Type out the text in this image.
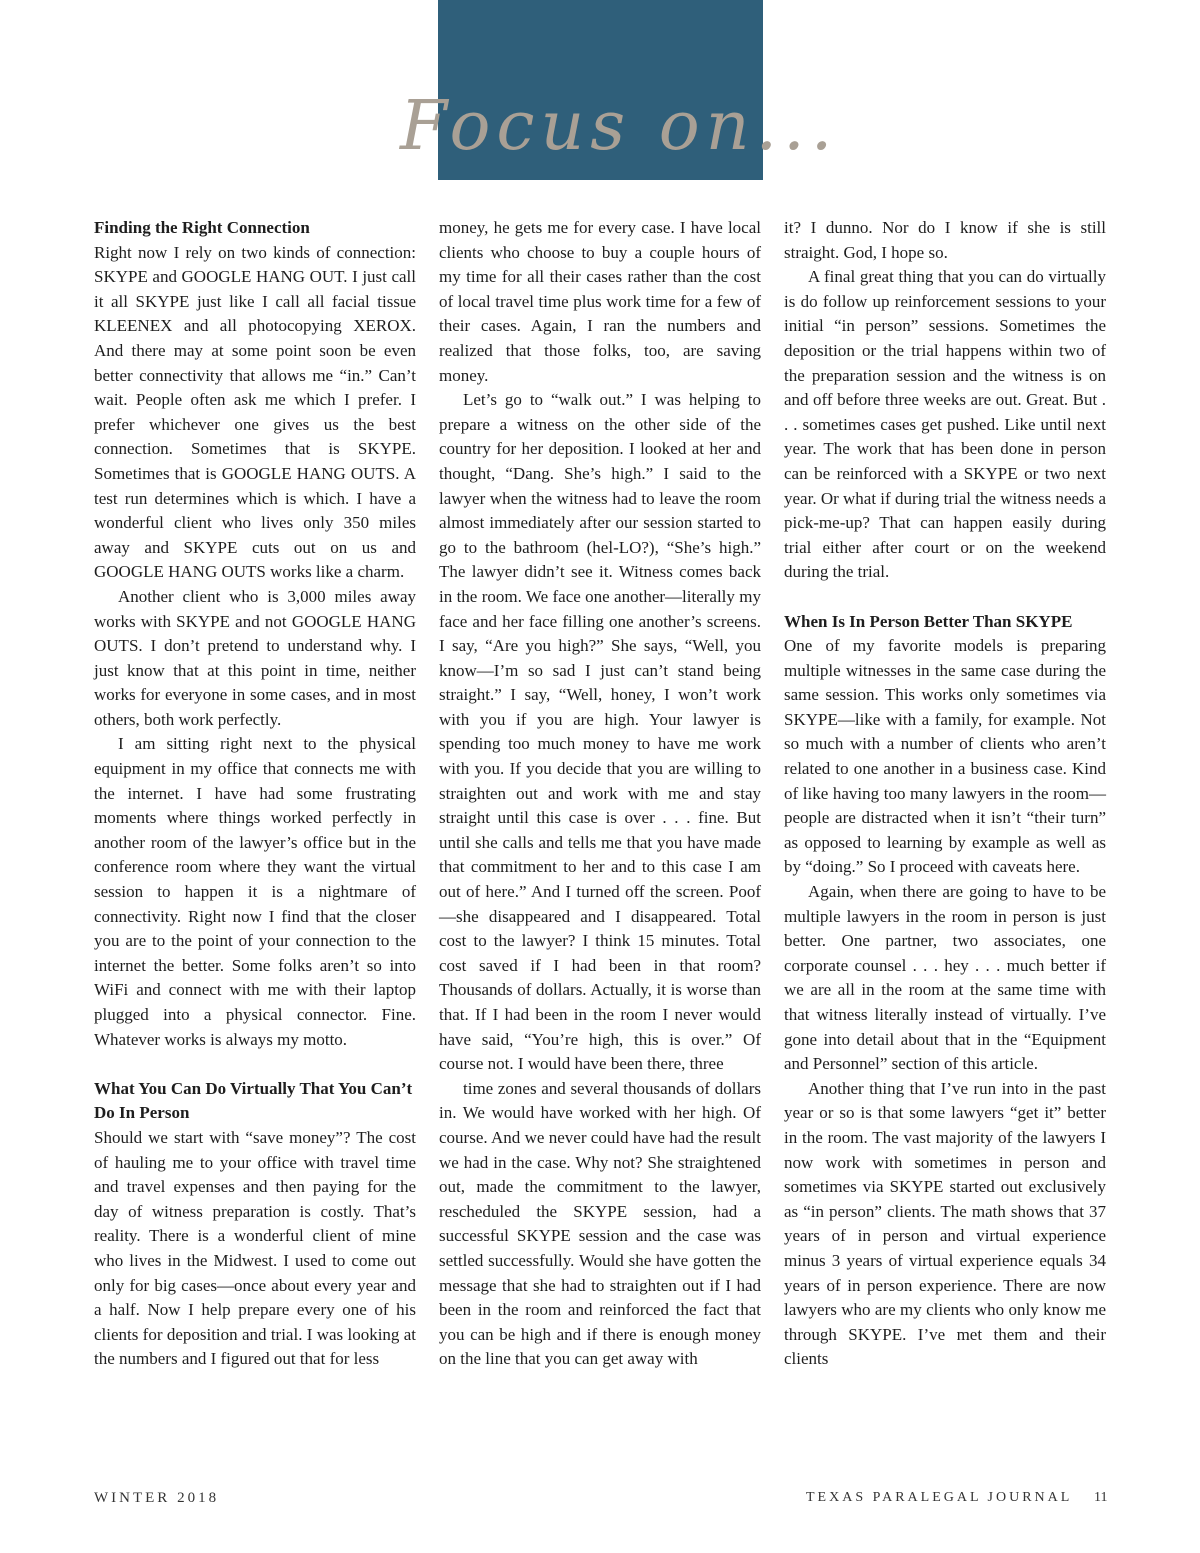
Focus on...

Finding the Right Connection

Right now I rely on two kinds of connection: SKYPE and GOOGLE HANG OUT. I just call it all SKYPE just like I call all facial tissue KLEENEX and all photocopying XEROX. And there may at some point soon be even better connectivity that allows me “in.” Can’t wait. People often ask me which I prefer. I prefer whichever one gives us the best connection. Sometimes that is SKYPE. Sometimes that is GOOGLE HANG OUTS. A test run determines which is which. I have a wonderful client who lives only 350 miles away and SKYPE cuts out on us and GOOGLE HANG OUTS works like a charm.

Another client who is 3,000 miles away works with SKYPE and not GOOGLE HANG OUTS. I don’t pretend to understand why. I just know that at this point in time, neither works for everyone in some cases, and in most others, both work perfectly.

I am sitting right next to the physical equipment in my office that connects me with the internet. I have had some frustrating moments where things worked perfectly in another room of the lawyer’s office but in the conference room where they want the virtual session to happen it is a nightmare of connectivity. Right now I find that the closer you are to the point of your connection to the internet the better. Some folks aren’t so into WiFi and connect with me with their laptop plugged into a physical connector. Fine. Whatever works is always my motto.

What You Can Do Virtually That You Can’t Do In Person

Should we start with “save money”? The cost of hauling me to your office with travel time and travel expenses and then paying for the day of witness preparation is costly. That’s reality. There is a wonderful client of mine who lives in the Midwest. I used to come out only for big cases—once about every year and a half. Now I help prepare every one of his clients for deposition and trial. I was looking at the numbers and I figured out that for less

money, he gets me for every case. I have local clients who choose to buy a couple hours of my time for all their cases rather than the cost of local travel time plus work time for a few of their cases. Again, I ran the numbers and realized that those folks, too, are saving money.

Let’s go to “walk out.” I was helping to prepare a witness on the other side of the country for her deposition. I looked at her and thought, “Dang. She’s high.” I said to the lawyer when the witness had to leave the room almost immediately after our session started to go to the bathroom (hel-LO?), “She’s high.” The lawyer didn’t see it. Witness comes back in the room. We face one another—literally my face and her face filling one another’s screens. I say, “Are you high?” She says, “Well, you know—I’m so sad I just can’t stand being straight.” I say, “Well, honey, I won’t work with you if you are high. Your lawyer is spending too much money to have me work with you. If you decide that you are willing to straighten out and work with me and stay straight until this case is over . . . fine. But until she calls and tells me that you have made that commitment to her and to this case I am out of here.” And I turned off the screen. Poof—she disappeared and I disappeared. Total cost to the lawyer? I think 15 minutes. Total cost saved if I had been in that room? Thousands of dollars. Actually, it is worse than that. If I had been in the room I never would have said, “You’re high, this is over.” Of course not. I would have been there, three

time zones and several thousands of dollars in. We would have worked with her high. Of course. And we never could have had the result we had in the case. Why not? She straightened out, made the commitment to the lawyer, rescheduled the SKYPE session, had a successful SKYPE session and the case was settled successfully. Would she have gotten the message that she had to straighten out if I had been in the room and reinforced the fact that you can be high and if there is enough money on the line that you can get away with

it? I dunno. Nor do I know if she is still straight. God, I hope so.

A final great thing that you can do virtually is do follow up reinforcement sessions to your initial “in person” sessions. Sometimes the deposition or the trial happens within two of the preparation session and the witness is on and off before three weeks are out. Great. But . . . sometimes cases get pushed. Like until next year. The work that has been done in person can be reinforced with a SKYPE or two next year. Or what if during trial the witness needs a pick-me-up? That can happen easily during trial either after court or on the weekend during the trial.

When Is In Person Better Than SKYPE

One of my favorite models is preparing multiple witnesses in the same case during the same session. This works only sometimes via SKYPE—like with a family, for example. Not so much with a number of clients who aren’t related to one another in a business case. Kind of like having too many lawyers in the room—people are distracted when it isn’t “their turn” as opposed to learning by example as well as by “doing.” So I proceed with caveats here.

Again, when there are going to have to be multiple lawyers in the room in person is just better. One partner, two associates, one corporate counsel . . . hey . . . much better if we are all in the room at the same time with that witness literally instead of virtually. I’ve gone into detail about that in the “Equipment and Personnel” section of this article.

Another thing that I’ve run into in the past year or so is that some lawyers “get it” better in the room. The vast majority of the lawyers I now work with sometimes in person and sometimes via SKYPE started out exclusively as “in person” clients. The math shows that 37 years of in person and virtual experience minus 3 years of virtual experience equals 34 years of in person experience. There are now lawyers who are my clients who only know me through SKYPE. I’ve met them and their clients

WINTER 2018	TEXAS PARALEGAL JOURNAL 11
